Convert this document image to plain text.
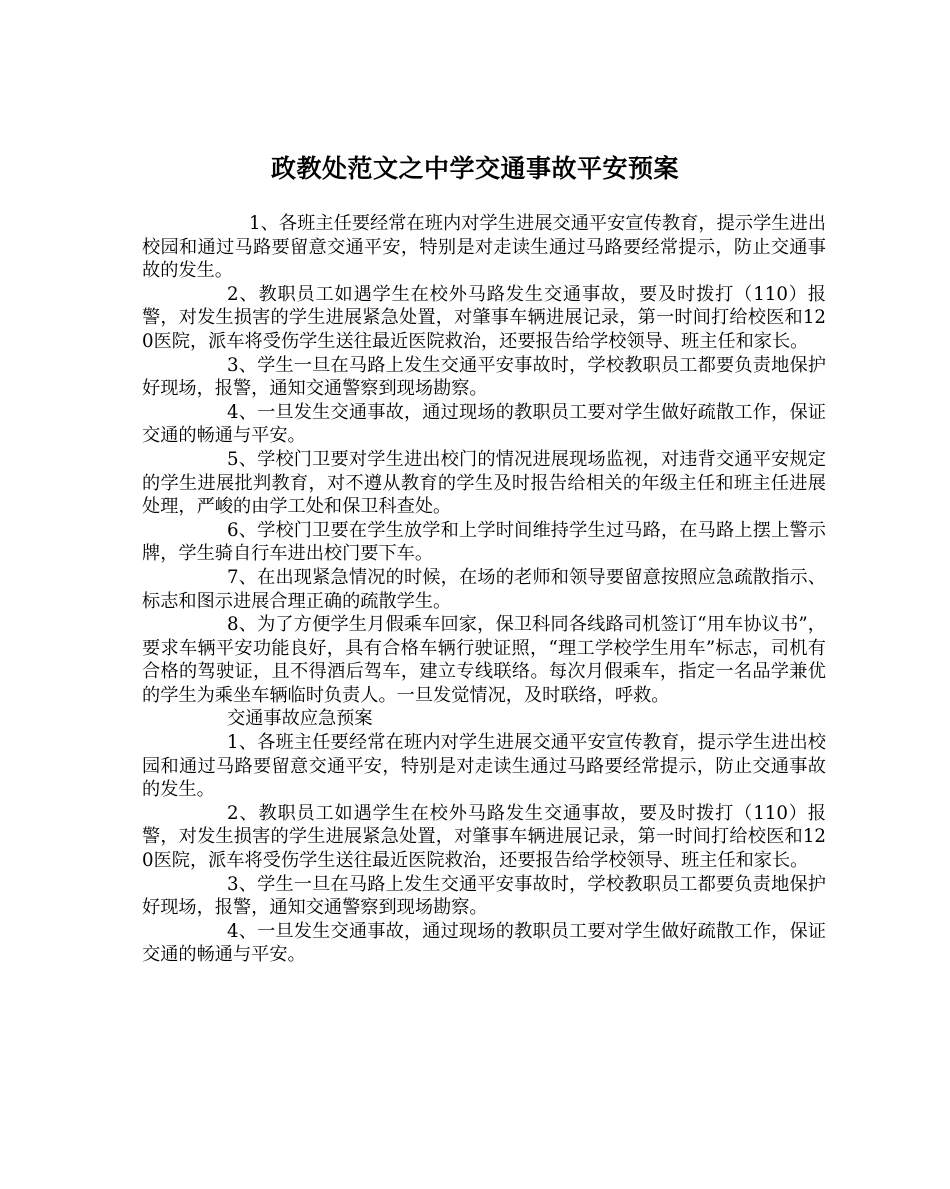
政教处范文之中学交通事故平安预案

1、各班主任要经常在班内对学生进展交通平安宣传教育，提示学生进出校园和通过马路要留意交通平安，特别是对走读生通过马路要经常提示，防止交通事故的发生。

2、教职员工如遇学生在校外马路发生交通事故，要及时拨打（110）报警，对发生损害的学生进展紧急处置，对肇事车辆进展记录，第一时间打给校医和120医院，派车将受伤学生送往最近医院救治，还要报告给学校领导、班主任和家长。

3、学生一旦在马路上发生交通平安事故时，学校教职员工都要负责地保护好现场，报警，通知交通警察到现场勘察。

4、一旦发生交通事故，通过现场的教职员工要对学生做好疏散工作，保证交通的畅通与平安。

5、学校门卫要对学生进出校门的情况进展现场监视，对违背交通平安规定的学生进展批判教育，对不遵从教育的学生及时报告给相关的年级主任和班主任进展处理，严峻的由学工处和保卫科查处。

6、学校门卫要在学生放学和上学时间维持学生过马路，在马路上摆上警示牌，学生骑自行车进出校门要下车。

7、在出现紧急情况的时候，在场的老师和领导要留意按照应急疏散指示、标志和图示进展合理正确的疏散学生。

8、为了方便学生月假乘车回家，保卫科同各线路司机签订“用车协议书”，要求车辆平安功能良好，具有合格车辆行驶证照，“理工学校学生用车”标志，司机有合格的驾驶证，且不得酒后驾车，建立专线联络。每次月假乘车，指定一名品学兼优的学生为乘坐车辆临时负责人。一旦发觉情况，及时联络，呼救。

交通事故应急预案

1、各班主任要经常在班内对学生进展交通平安宣传教育，提示学生进出校园和通过马路要留意交通平安，特别是对走读生通过马路要经常提示，防止交通事故的发生。

2、教职员工如遇学生在校外马路发生交通事故，要及时拨打（110）报警，对发生损害的学生进展紧急处置，对肇事车辆进展记录，第一时间打给校医和120医院，派车将受伤学生送往最近医院救治，还要报告给学校领导、班主任和家长。

3、学生一旦在马路上发生交通平安事故时，学校教职员工都要负责地保护好现场，报警，通知交通警察到现场勘察。

4、一旦发生交通事故，通过现场的教职员工要对学生做好疏散工作，保证交通的畅通与平安。
